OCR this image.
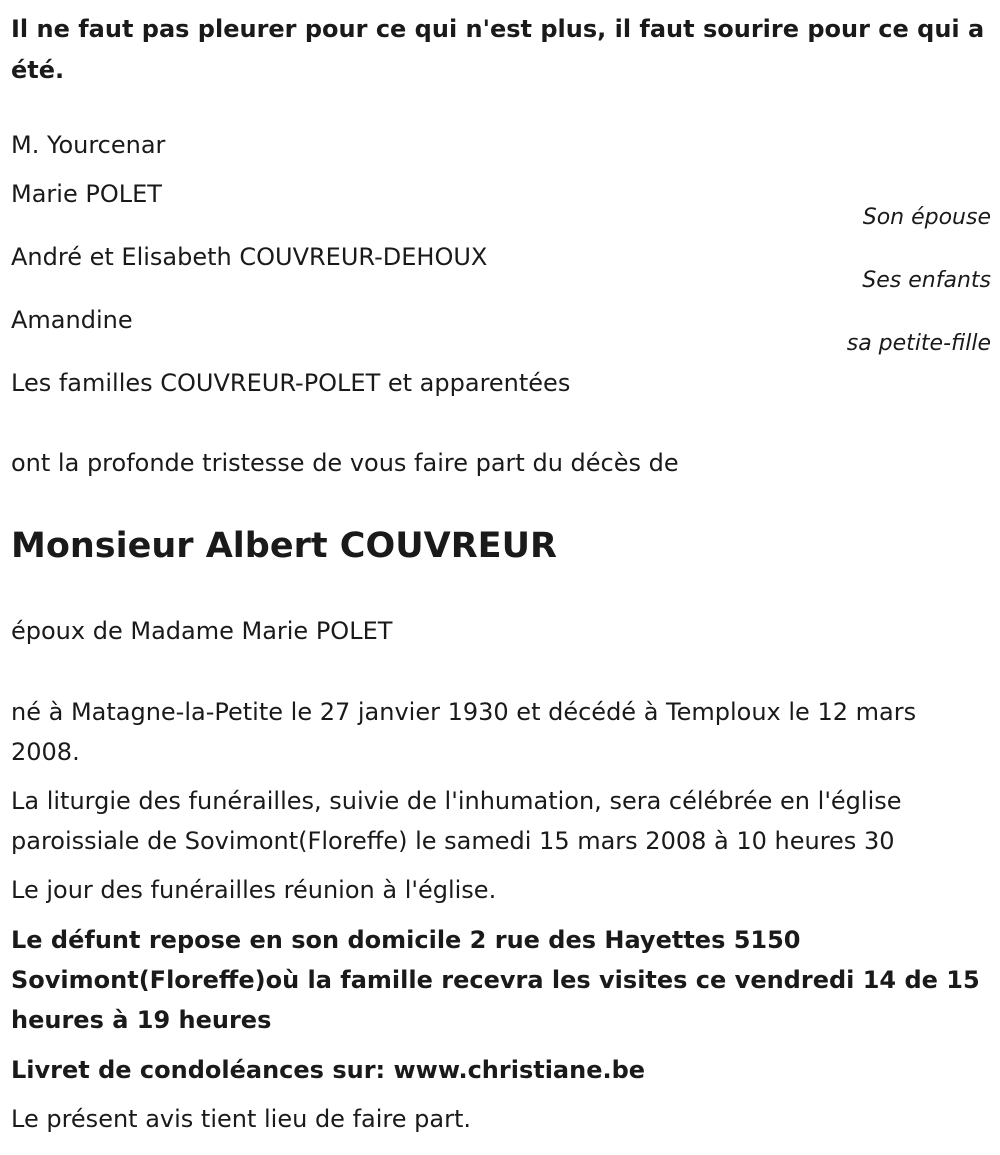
Il ne faut pas pleurer pour ce qui n'est plus, il faut sourire pour ce qui a été.

M. Yourcenar

Marie POLET

Son épouse

André et Elisabeth COUVREUR-DEHOUX

Ses enfants

Amandine

sa petite-fille

Les familles COUVREUR-POLET et apparentées

ont la profonde tristesse de vous faire part du décès de

Monsieur Albert COUVREUR

époux de Madame Marie POLET

né à Matagne-la-Petite le 27 janvier 1930 et décédé à Temploux le 12 mars 2008.

La liturgie des funérailles, suivie de l'inhumation, sera célébrée en l'église paroissiale de Sovimont(Floreffe) le samedi 15 mars 2008 à 10 heures 30

Le jour des funérailles réunion à l'église.

Le défunt repose en son domicile 2 rue des Hayettes 5150 Sovimont(Floreffe)où la famille recevra les visites ce vendredi 14 de 15 heures à 19 heures

Livret de condoléances sur: www.christiane.be

Le présent avis tient lieu de faire part.
